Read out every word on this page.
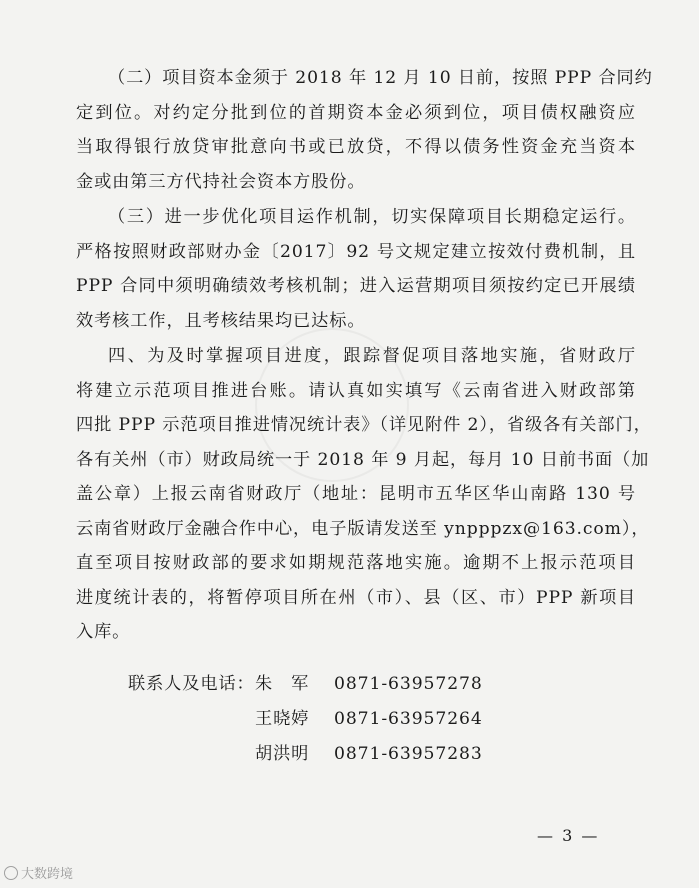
（二）项目资本金须于 2018 年 12 月 10 日前，按照 PPP 合同约
定到位。对约定分批到位的首期资本金必须到位，项目债权融资应
当取得银行放贷审批意向书或已放贷，不得以债务性资金充当资本
金或由第三方代持社会资本方股份。
（三）进一步优化项目运作机制，切实保障项目长期稳定运行。
严格按照财政部财办金〔2017〕92 号文规定建立按效付费机制，且
PPP 合同中须明确绩效考核机制；进入运营期项目须按约定已开展绩
效考核工作，且考核结果均已达标。
四、为及时掌握项目进度，跟踪督促项目落地实施，省财政厅
将建立示范项目推进台账。请认真如实填写《云南省进入财政部第
四批 PPP 示范项目推进情况统计表》（详见附件 2），省级各有关部门，
各有关州（市）财政局统一于 2018 年 9 月起，每月 10 日前书面（加
盖公章）上报云南省财政厅（地址：昆明市五华区华山南路 130 号
云南省财政厅金融合作中心，电子版请发送至 ynpppzx@163.com），
直至项目按财政部的要求如期规范落地实施。逾期不上报示范项目
进度统计表的，将暂停项目所在州（市）、县（区、市）PPP 新项目
入库。
联系人及电话： 朱　军 0871-63957278
王晓婷 0871-63957264
胡洪明 0871-63957283
— 3 —
大数跨境
